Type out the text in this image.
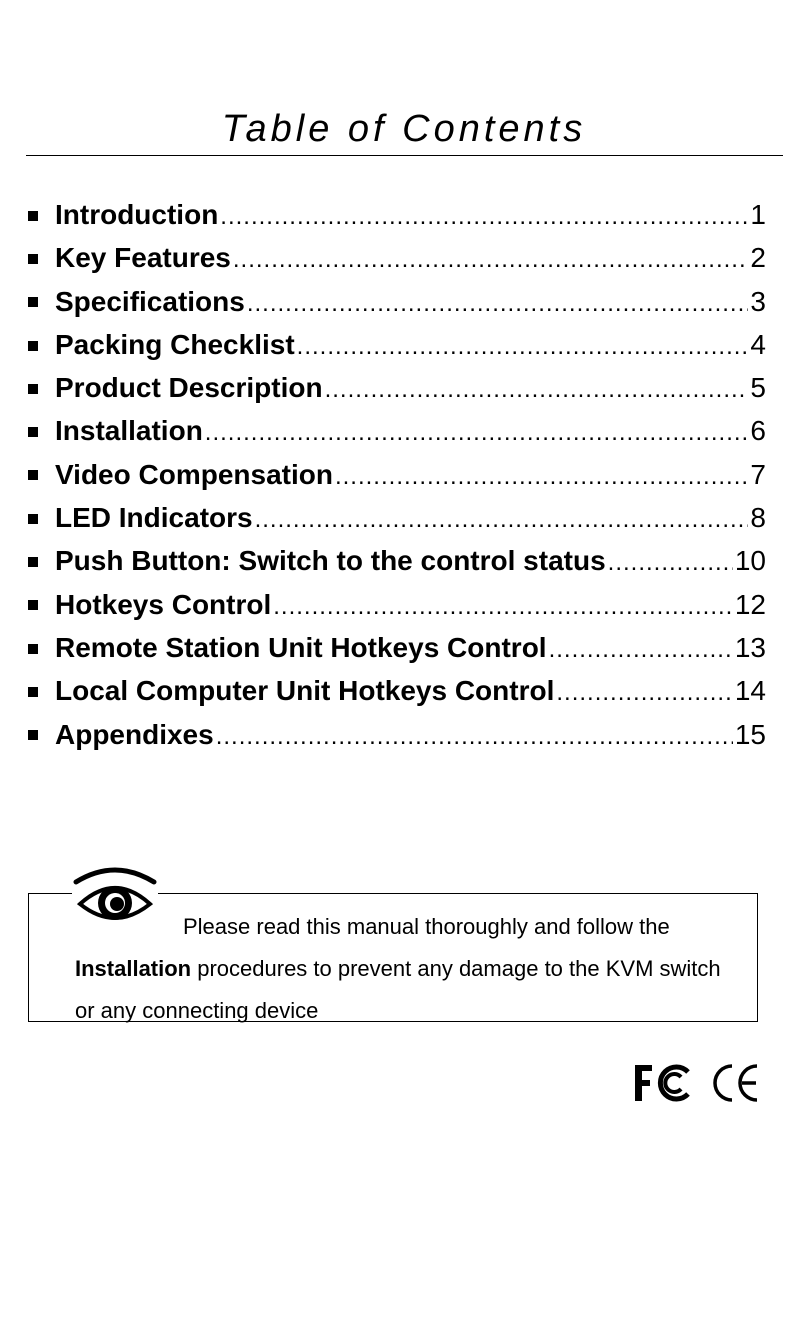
Table of Contents
Introduction .....	1
Key Features .....	2
Specifications .....	3
Packing Checklist .....	4
Product Description .....	5
Installation .....	6
Video Compensation .....	7
LED Indicators .....	8
Push Button: Switch to the control status .....	10
Hotkeys Control .....	12
Remote Station Unit Hotkeys Control .....	13
Local Computer Unit Hotkeys Control .....	14
Appendixes .....	15

Please read this manual thoroughly and follow the
Installation procedures to prevent any damage to the KVM switch or any connecting device
